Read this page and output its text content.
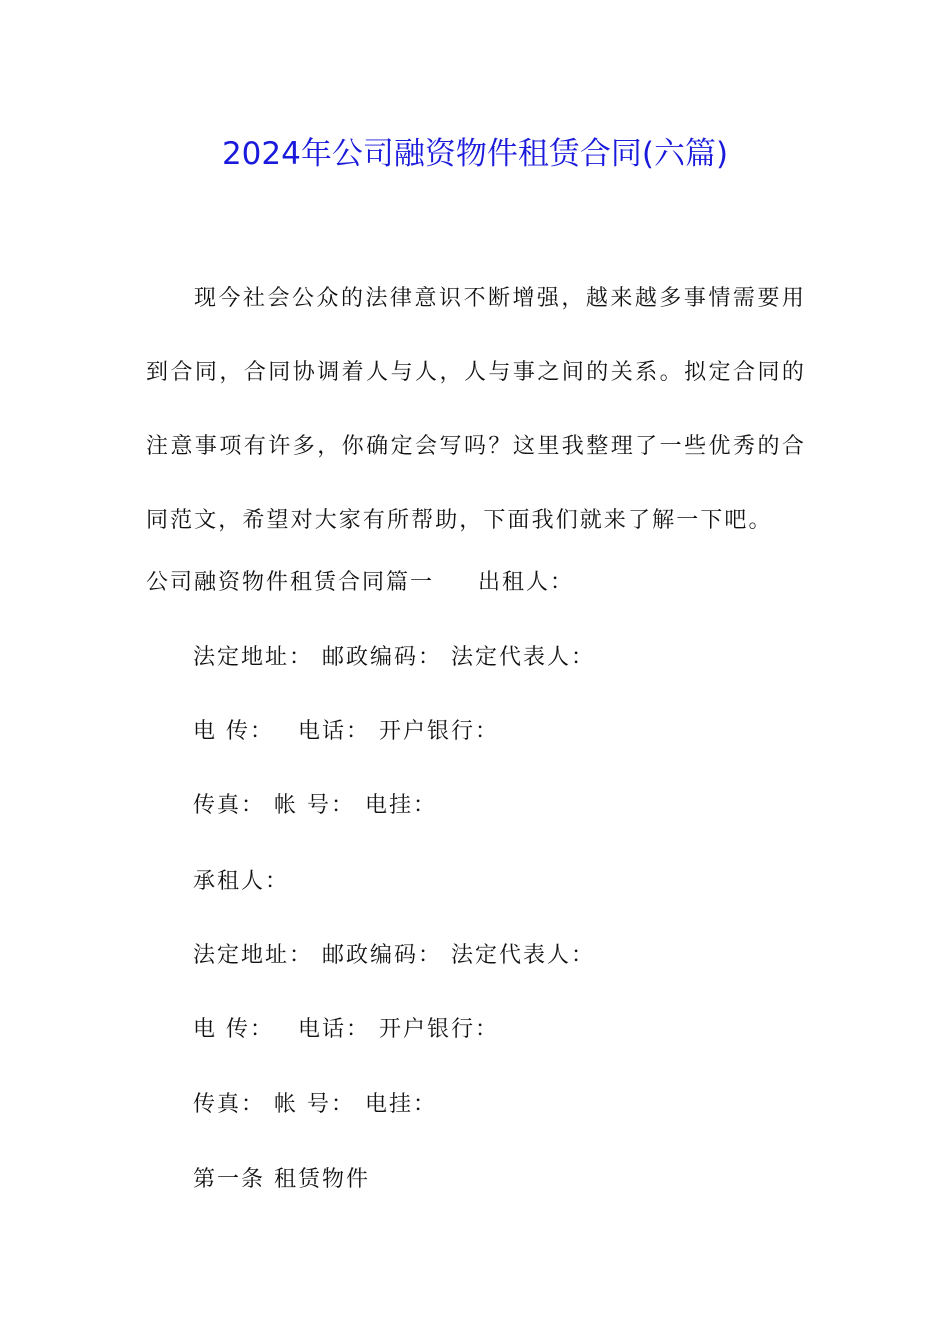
2024年公司融资物件租赁合同(六篇)

现今社会公众的法律意识不断增强，越来越多事情需要用到合同，合同协调着人与人，人与事之间的关系。拟定合同的注意事项有许多，你确定会写吗？这里我整理了一些优秀的合同范文，希望对大家有所帮助，下面我们就来了解一下吧。

公司融资物件租赁合同篇一 出租人：

法定地址： 邮政编码： 法定代表人：

电 传： 电话： 开户银行：

传真： 帐 号： 电挂：

承租人：

法定地址： 邮政编码： 法定代表人：

电 传： 电话： 开户银行：

传真： 帐 号： 电挂：

第一条 租赁物件
